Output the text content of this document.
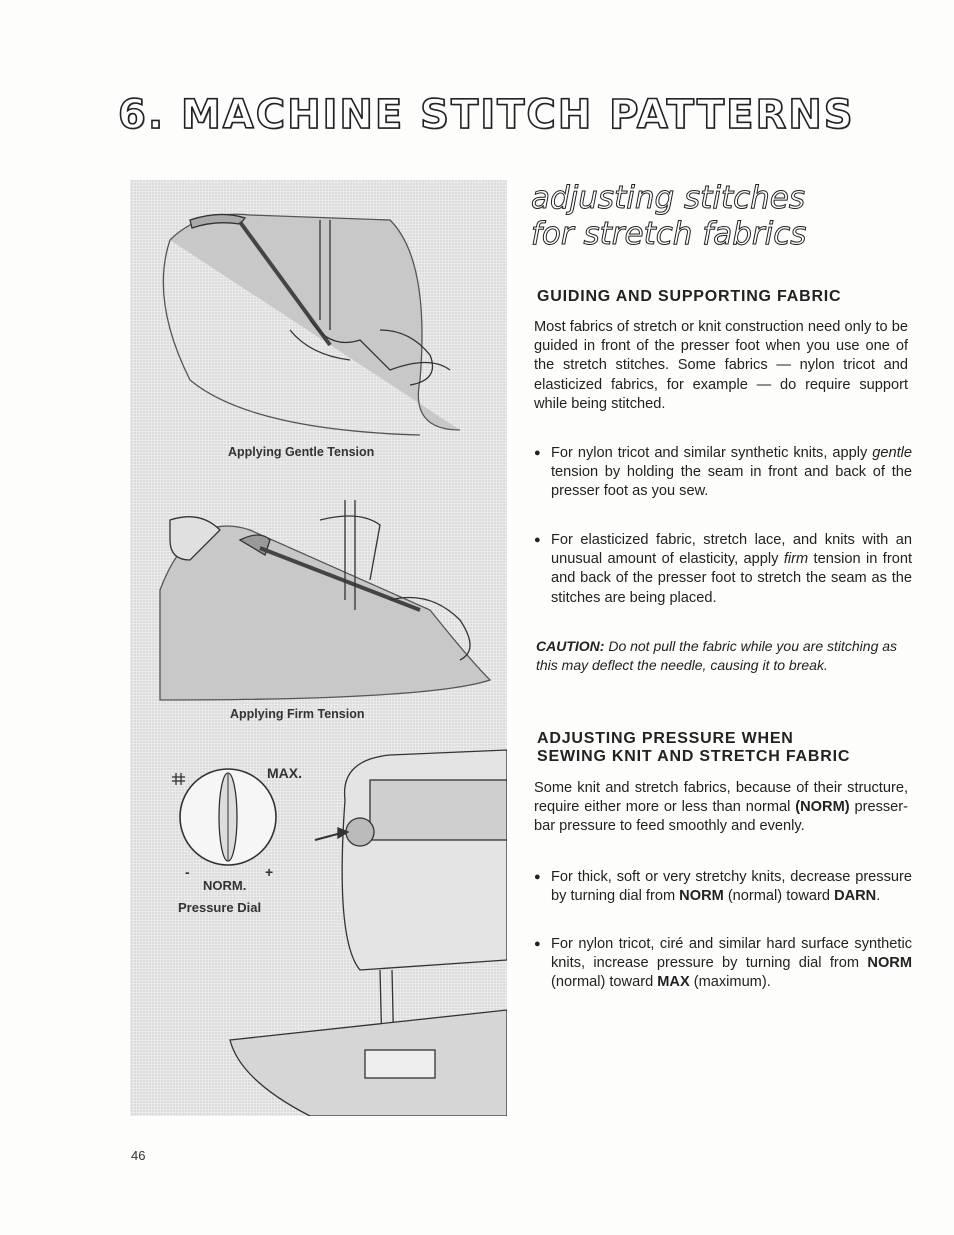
6. MACHINE STITCH PATTERNS
Applying Gentle Tension
Applying Firm Tension
MAX.
-	+
NORM.
Pressure Dial
adjusting stitches
for stretch fabrics
GUIDING AND SUPPORTING FABRIC
Most fabrics of stretch or knit construction need only to be guided in front of the presser foot when you use one of the stretch stitches. Some fabrics — nylon tricot and elasticized fabrics, for example — do require support while being stitched.
● For nylon tricot and similar synthetic knits, apply gentle tension by holding the seam in front and back of the presser foot as you sew.
● For elasticized fabric, stretch lace, and knits with an unusual amount of elasticity, apply firm tension in front and back of the presser foot to stretch the seam as the stitches are being placed.
CAUTION: Do not pull the fabric while you are stitching as this may deflect the needle, causing it to break.
ADJUSTING PRESSURE WHEN
SEWING KNIT AND STRETCH FABRIC
Some knit and stretch fabrics, because of their structure, require either more or less than normal (NORM) presser-bar pressure to feed smoothly and evenly.
● For thick, soft or very stretchy knits, decrease pressure by turning dial from NORM (normal) toward DARN.
● For nylon tricot, ciré and similar hard surface synthetic knits, increase pressure by turning dial from NORM (normal) toward MAX (maximum).
46
